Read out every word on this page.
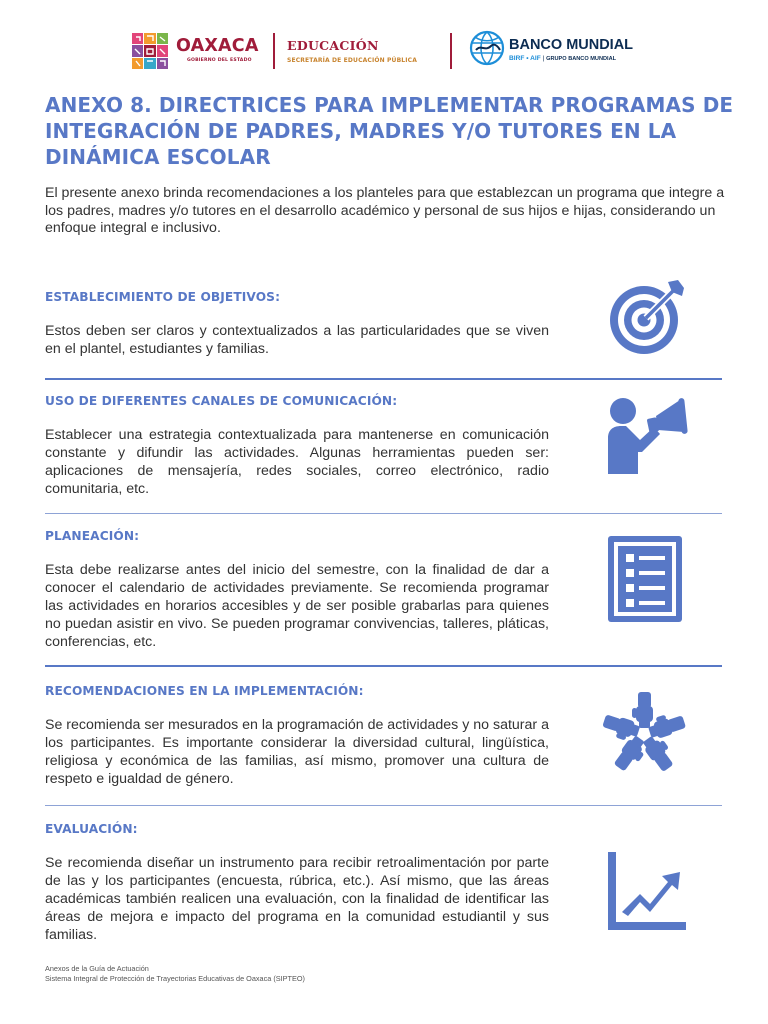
OAXACA
GOBIERNO DEL ESTADO
EDUCACIÓN
SECRETARÍA DE EDUCACIÓN PÚBLICA
BANCO MUNDIAL
BIRF • AIF | GRUPO BANCO MUNDIAL
ANEXO 8. DIRECTRICES PARA IMPLEMENTAR PROGRAMAS DE INTEGRACIÓN DE PADRES, MADRES Y/O TUTORES EN LA DINÁMICA ESCOLAR

El presente anexo brinda recomendaciones a los planteles para que establezcan un programa que integre a los padres, madres y/o tutores en el desarrollo académico y personal de sus hijos e hijas, considerando un enfoque integral e inclusivo.

ESTABLECIMIENTO DE OBJETIVOS:

Estos deben ser claros y contextualizados a las particularidades que se viven en el plantel, estudiantes y familias.

USO DE DIFERENTES CANALES DE COMUNICACIÓN:

Establecer una estrategia contextualizada para mantenerse en comunicación constante y difundir las actividades. Algunas herramientas pueden ser: aplicaciones de mensajería, redes sociales, correo electrónico, radio comunitaria, etc.

PLANEACIÓN:

Esta debe realizarse antes del inicio del semestre, con la finalidad de dar a conocer el calendario de actividades previamente. Se recomienda programar las actividades en horarios accesibles y de ser posible grabarlas para quienes no puedan asistir en vivo. Se pueden programar convivencias, talleres, pláticas, conferencias, etc.

RECOMENDACIONES EN LA IMPLEMENTACIÓN:

Se recomienda ser mesurados en la programación de actividades y no saturar a los participantes. Es importante considerar la diversidad cultural, lingüística, religiosa y económica de las familias, así mismo, promover una cultura de respeto e igualdad de género.

EVALUACIÓN:

Se recomienda diseñar un instrumento para recibir retroalimentación por parte de las y los participantes (encuesta, rúbrica, etc.). Así mismo, que las áreas académicas también realicen una evaluación, con la finalidad de identificar las áreas de mejora e impacto del programa en la comunidad estudiantil y sus familias.

Anexos de la Guía de Actuación
Sistema Integral de Protección de Trayectorias Educativas de Oaxaca (SIPTEO)
